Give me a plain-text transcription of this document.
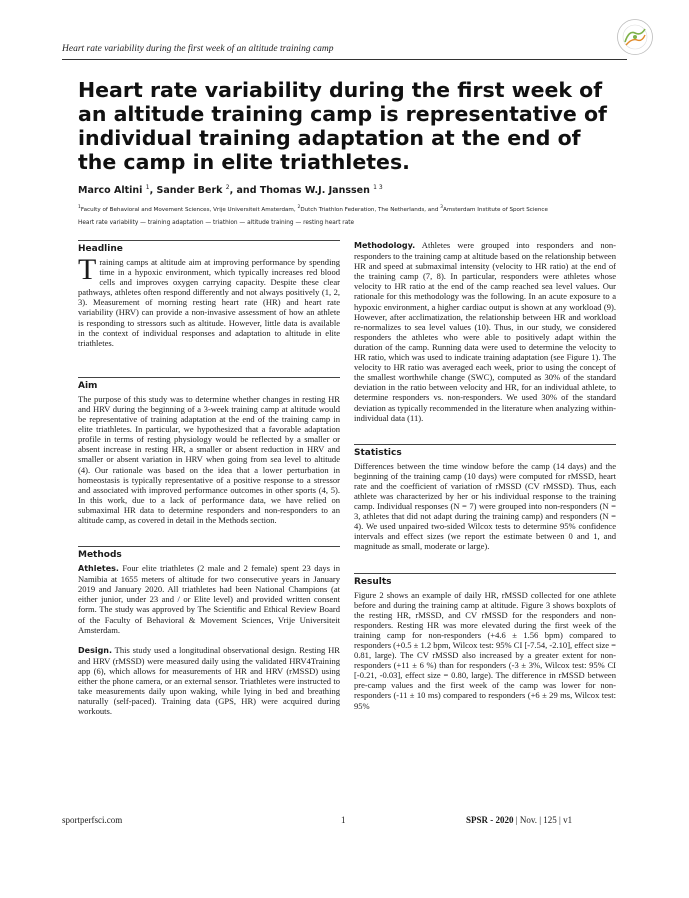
Heart rate variability during the first week of an altitude training camp
Heart rate variability during the first week of an altitude training camp is representative of individual training adaptation at the end of the camp in elite triathletes.
Marco Altini $^1$, Sander Berk $^2$, and Thomas W.J. Janssen $^{1 3}$
$^1$Faculty of Behavioral and Movement Sciences, Vrije Universiteit Amsterdam, $^2$Dutch Triathlon Federation, The Netherlands, and $^3$Amsterdam Institute of Sport Science
Heart rate variability — training adaptation — triathlon — altitude training — resting heart rate
Headline

Training camps at altitude aim at improving performance by spending time in a hypoxic environment, which typically increases red blood cells and improves oxygen carrying capacity. Despite these clear pathways, athletes often respond differently and not always positively (1, 2, 3). Measurement of morning resting heart rate (HR) and heart rate variability (HRV) can provide a non-invasive assessment of how an athlete is responding to stressors such as altitude. However, little data is available in the context of individual responses and adaptation to altitude in elite triathletes.

Aim

The purpose of this study was to determine whether changes in resting HR and HRV during the beginning of a 3-week training camp at altitude would be representative of training adaptation at the end of the training camp in elite triathletes. In particular, we hypothesized that a favorable adaptation profile in terms of resting physiology would be reflected by a smaller or absent increase in resting HR, a smaller or absent reduction in HRV and smaller or absent variation in HRV when going from sea level to altitude (4). Our rationale was based on the idea that a lower perturbation in homeostasis is typically representative of a positive response to a stressor and associated with improved performance outcomes in other sports (4, 5). In this work, due to a lack of performance data, we have relied on submaximal HR data to determine responders and non-responders to an altitude camp, as covered in detail in the Methods section.

Methods

Athletes. Four elite triathletes (2 male and 2 female) spent 23 days in Namibia at 1655 meters of altitude for two consecutive years in January 2019 and January 2020. All triathletes had been National Champions (at either junior, under 23 and / or Elite level) and provided written consent form. The study was approved by The Scientific and Ethical Review Board of the Faculty of Behavioral & Movement Sciences, Vrije Universiteit Amsterdam.

Design. This study used a longitudinal observational design. Resting HR and HRV (rMSSD) were measured daily using the validated HRV4Training app (6), which allows for measurements of HR and HRV (rMSSD) using either the phone camera, or an external sensor. Triathletes were instructed to take measurements daily upon waking, while lying in bed and breathing naturally (self-paced). Training data (GPS, HR) were acquired during workouts.

Methodology. Athletes were grouped into responders and non-responders to the training camp at altitude based on the relationship between HR and speed at submaximal intensity (velocity to HR ratio) at the end of the training camp (7, 8). In particular, responders were athletes whose velocity to HR ratio at the end of the camp reached sea level values. Our rationale for this methodology was the following. In an acute exposure to a hypoxic environment, a higher cardiac output is shown at any workload (9). However, after acclimatization, the relationship between HR and workload re-normalizes to sea level values (10). Thus, in our study, we considered responders the athletes who were able to positively adapt within the duration of the camp. Running data were used to determine the velocity to HR ratio, which was used to indicate training adaptation (see Figure 1). The velocity to HR ratio was averaged each week, prior to using the concept of the smallest worthwhile change (SWC), computed as 30% of the standard deviation in the ratio between velocity and HR, for an individual athlete, to determine responders vs. non-responders. We used 30% of the standard deviation as typically recommended in the literature when analyzing within-individual data (11).

Statistics

Differences between the time window before the camp (14 days) and the beginning of the training camp (10 days) were computed for rMSSD, heart rate and the coefficient of variation of rMSSD (CV rMSSD). Thus, each athlete was characterized by her or his individual response to the training camp. Individual responses (N = 7) were grouped into non-responders (N = 3, athletes that did not adapt during the training camp) and responders (N = 4). We used unpaired two-sided Wilcox tests to determine 95% confidence intervals and effect sizes (we report the estimate between 0 and 1, and magnitude as small, moderate or large).

Results

Figure 2 shows an example of daily HR, rMSSD collected for one athlete before and during the training camp at altitude. Figure 3 shows boxplots of the resting HR, rMSSD, and CV rMSSD for the responders and non-responders. Resting HR was more elevated during the first week of the training camp for non-responders (+4.6 ± 1.56 bpm) compared to responders (+0.5 ± 1.2 bpm, Wilcox test: 95% CI [-7.54, -2.10], effect size = 0.81, large). The CV rMSSD also increased by a greater extent for non-responders (+11 ± 6 %) than for responders (-3 ± 3%, Wilcox test: 95% CI [-0.21, -0.03], effect size = 0.80, large). The difference in rMSSD between pre-camp values and the first week of the camp was lower for non-responders (-11 ± 10 ms) compared to responders (+6 ± 29 ms, Wilcox test: 95%

sportperfsci.com	1	SPSR - 2020 | Nov. | 125 | v1
